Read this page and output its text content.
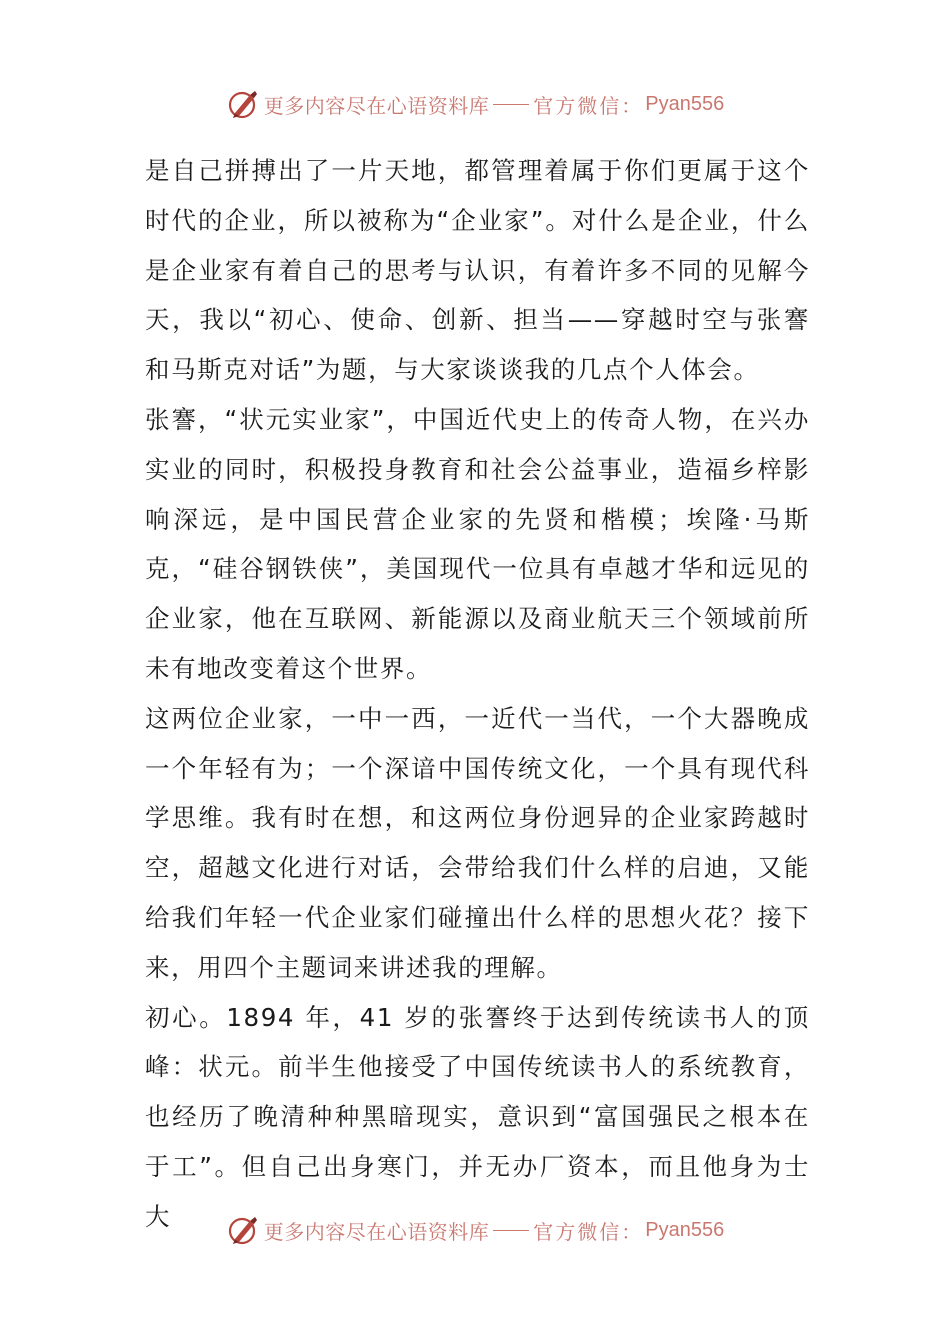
更多内容尽在心语资料库 官方微信： Pyan556

是自己拼搏出了一片天地，都管理着属于你们更属于这个时代的企业，所以被称为“企业家”。对什么是企业，什么是企业家有着自己的思考与认识，有着许多不同的见解今天，我以“初心、使命、创新、担当——穿越时空与张謇和马斯克对话”为题，与大家谈谈我的几点个人体会。

张謇，“状元实业家”，中国近代史上的传奇人物，在兴办实业的同时，积极投身教育和社会公益事业，造福乡梓影响深远，是中国民营企业家的先贤和楷模；埃隆·马斯克，“硅谷钢铁侠”，美国现代一位具有卓越才华和远见的企业家，他在互联网、新能源以及商业航天三个领域前所未有地改变着这个世界。

这两位企业家，一中一西，一近代一当代，一个大器晚成一个年轻有为；一个深谙中国传统文化，一个具有现代科学思维。我有时在想，和这两位身份迥异的企业家跨越时空，超越文化进行对话，会带给我们什么样的启迪，又能给我们年轻一代企业家们碰撞出什么样的思想火花？接下来，用四个主题词来讲述我的理解。

初心。1894 年，41 岁的张謇终于达到传统读书人的顶峰：状元。前半生他接受了中国传统读书人的系统教育，也经历了晚清种种黑暗现实，意识到“富国强民之根本在于工”。但自己出身寒门，并无办厂资本，而且他身为士大

更多内容尽在心语资料库 官方微信： Pyan556
